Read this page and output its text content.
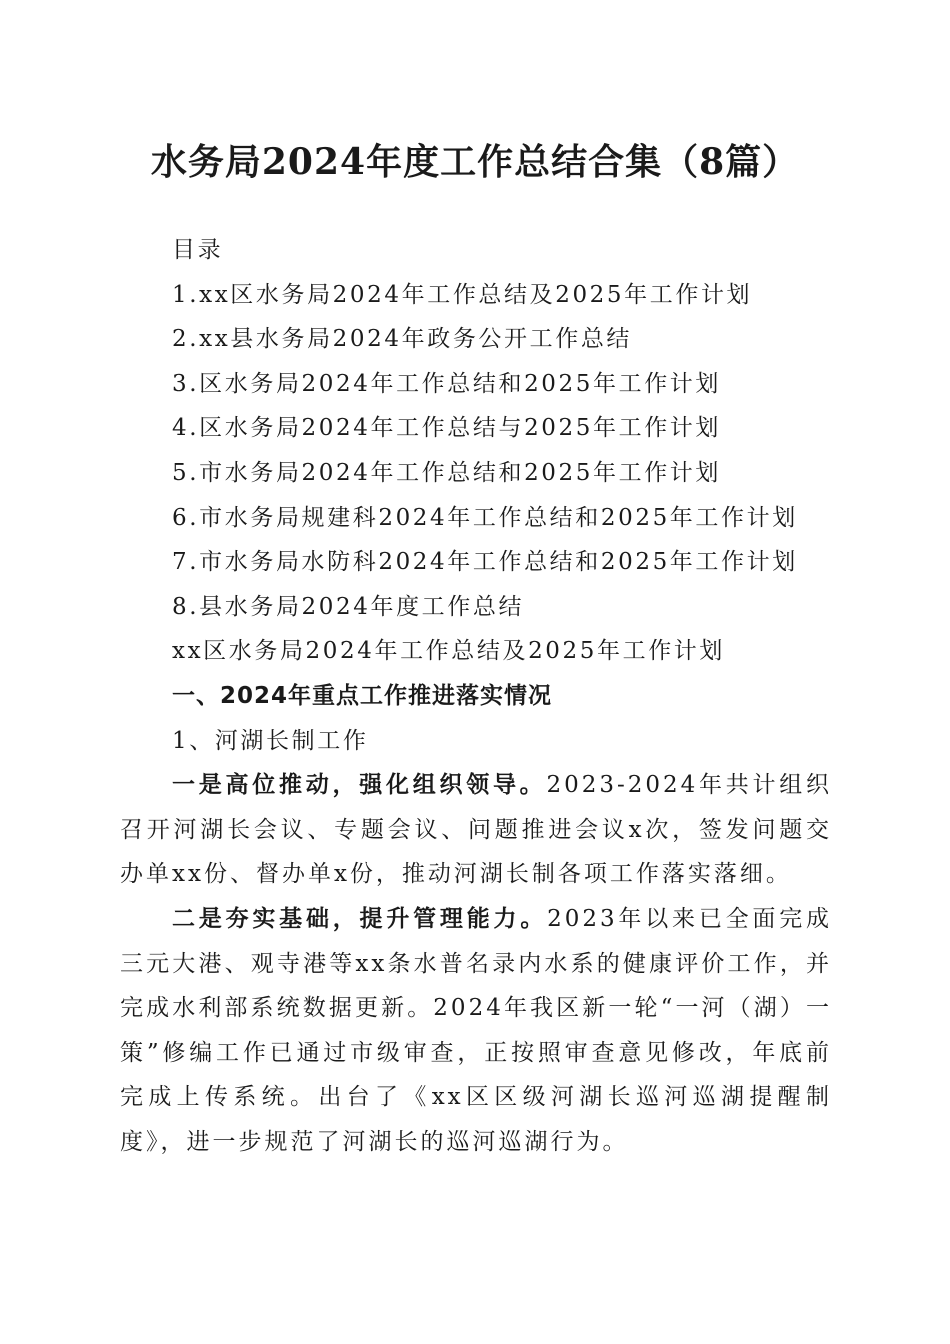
水务局2024年度工作总结合集（8篇）

目录

1.xx区水务局2024年工作总结及2025年工作计划

2.xx县水务局2024年政务公开工作总结

3.区水务局2024年工作总结和2025年工作计划

4.区水务局2024年工作总结与2025年工作计划

5.市水务局2024年工作总结和2025年工作计划

6.市水务局规建科2024年工作总结和2025年工作计划

7.市水务局水防科2024年工作总结和2025年工作计划

8.县水务局2024年度工作总结

xx区水务局2024年工作总结及2025年工作计划

一、2024年重点工作推进落实情况

1、河湖长制工作

一是高位推动，强化组织领导。2023-2024年共计组织召开河湖长会议、专题会议、问题推进会议x次，签发问题交办单xx份、督办单x份，推动河湖长制各项工作落实落细。

二是夯实基础，提升管理能力。2023年以来已全面完成三元大港、观寺港等xx条水普名录内水系的健康评价工作，并完成水利部系统数据更新。2024年我区新一轮“一河（湖）一策”修编工作已通过市级审查，正按照审查意见修改，年底前完成上传系统。出台了《xx区区级河湖长巡河巡湖提醒制度》，进一步规范了河湖长的巡河巡湖行为。
